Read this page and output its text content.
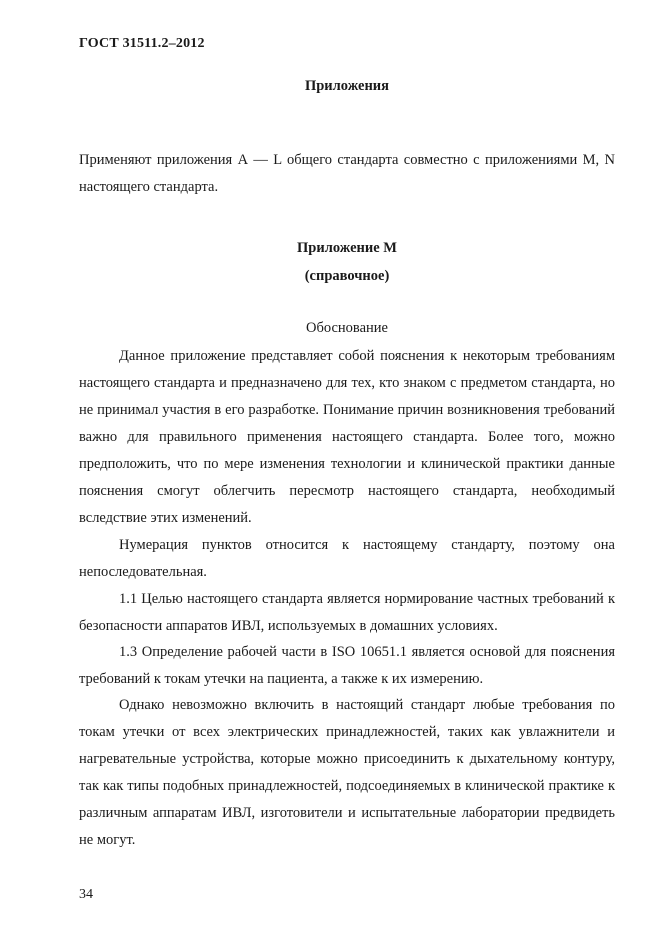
ГОСТ 31511.2–2012
Приложения

Применяют приложения А — L общего стандарта совместно с приложениями М, N
настоящего стандарта.

Приложение М
(справочное)
Обоснование

Данное приложение представляет собой пояснения к некоторым требованиям
настоящего стандарта и предназначено для тех, кто знаком с предметом стандарта, но
не принимал участия в его разработке. Понимание причин возникновения требований
важно для правильного применения настоящего стандарта. Более того, можно
предположить, что по мере изменения технологии и клинической практики данные
пояснения смогут облегчить пересмотр настоящего стандарта, необходимый
вследствие этих изменений.

Нумерация пунктов относится к настоящему стандарту, поэтому она
непоследовательная.

1.1 Целью настоящего стандарта является нормирование частных требований к
безопасности аппаратов ИВЛ, используемых в домашних условиях.

1.3 Определение рабочей части в ISO 10651.1 является основой для пояснения
требований к токам утечки на пациента, а также к их измерению.

Однако невозможно включить в настоящий стандарт любые требования по
токам утечки от всех электрических принадлежностей, таких как увлажнители и
нагревательные устройства, которые можно присоединить к дыхательному контуру,
так как типы подобных принадлежностей, подсоединяемых в клинической практике к
различным аппаратам ИВЛ, изготовители и испытательные лаборатории предвидеть
не могут.

34
